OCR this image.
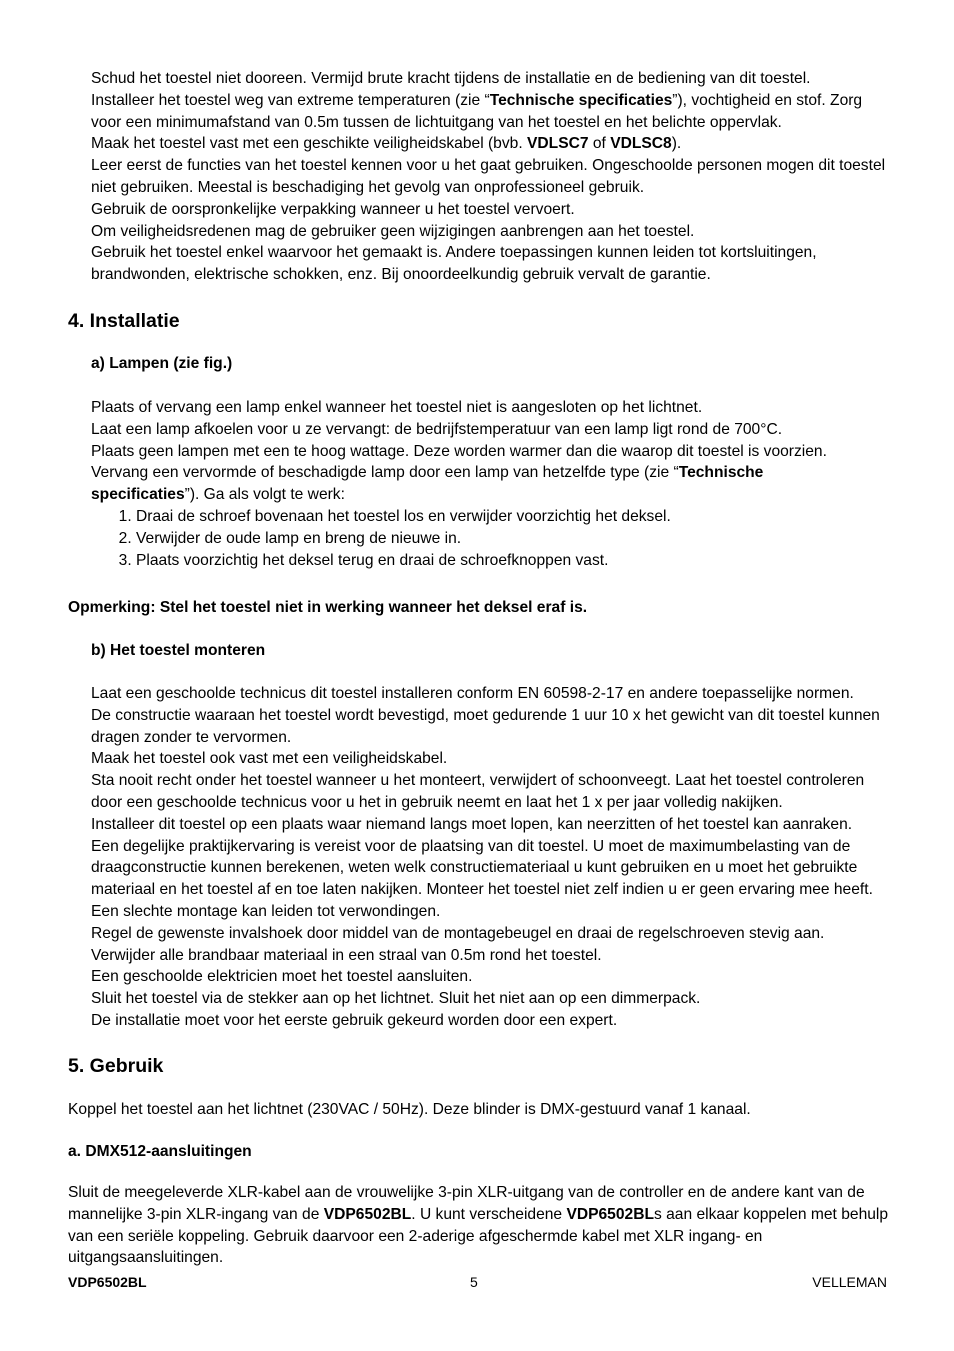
Schud het toestel niet dooreen. Vermijd brute kracht tijdens de installatie en de bediening van dit toestel.

Installeer het toestel weg van extreme temperaturen (zie “Technische specificaties”), vochtigheid en stof. Zorg voor een minimumafstand van 0.5m tussen de lichtuitgang van het toestel en het belichte oppervlak.

Maak het toestel vast met een geschikte veiligheidskabel (bvb. VDLSC7 of VDLSC8).

Leer eerst de functies van het toestel kennen voor u het gaat gebruiken. Ongeschoolde personen mogen dit toestel niet gebruiken. Meestal is beschadiging het gevolg van onprofessioneel gebruik.

Gebruik de oorspronkelijke verpakking wanneer u het toestel vervoert.

Om veiligheidsredenen mag de gebruiker geen wijzigingen aanbrengen aan het toestel.

Gebruik het toestel enkel waarvoor het gemaakt is. Andere toepassingen kunnen leiden tot kortsluitingen, brandwonden, elektrische schokken, enz. Bij onoordeelkundig gebruik vervalt de garantie.

4. Installatie
a) Lampen (zie fig.)

Plaats of vervang een lamp enkel wanneer het toestel niet is aangesloten op het lichtnet.

Laat een lamp afkoelen voor u ze vervangt: de bedrijfstemperatuur van een lamp ligt rond de 700°C.

Plaats geen lampen met een te hoog wattage. Deze worden warmer dan die waarop dit toestel is voorzien.

Vervang een vervormde of beschadigde lamp door een lamp van hetzelfde type (zie “Technische specificaties”). Ga als volgt te werk:

1. Draai de schroef bovenaan het toestel los en verwijder voorzichtig het deksel.
2. Verwijder de oude lamp en breng de nieuwe in.
3. Plaats voorzichtig het deksel terug en draai de schroefknoppen vast.
Opmerking: Stel het toestel niet in werking wanneer het deksel eraf is.
b) Het toestel monteren

Laat een geschoolde technicus dit toestel installeren conform EN 60598-2-17 en andere toepasselijke normen.

De constructie waaraan het toestel wordt bevestigd, moet gedurende 1 uur 10 x het gewicht van dit toestel kunnen dragen zonder te vervormen.

Maak het toestel ook vast met een veiligheidskabel.

Sta nooit recht onder het toestel wanneer u het monteert, verwijdert of schoonveegt. Laat het toestel controleren door een geschoolde technicus voor u het in gebruik neemt en laat het 1 x per jaar volledig nakijken.

Installeer dit toestel op een plaats waar niemand langs moet lopen, kan neerzitten of het toestel kan aanraken.

Een degelijke praktijkervaring is vereist voor de plaatsing van dit toestel. U moet de maximumbelasting van de draagconstructie kunnen berekenen, weten welk constructiemateriaal u kunt gebruiken en u moet het gebruikte materiaal en het toestel af en toe laten nakijken. Monteer het toestel niet zelf indien u er geen ervaring mee heeft. Een slechte montage kan leiden tot verwondingen.

Regel de gewenste invalshoek door middel van de montagebeugel en draai de regelschroeven stevig aan.

Verwijder alle brandbaar materiaal in een straal van 0.5m rond het toestel.

Een geschoolde elektricien moet het toestel aansluiten.

Sluit het toestel via de stekker aan op het lichtnet. Sluit het niet aan op een dimmerpack.

De installatie moet voor het eerste gebruik gekeurd worden door een expert.

5. Gebruik
Koppel het toestel aan het lichtnet (230VAC / 50Hz). Deze blinder is DMX-gestuurd vanaf 1 kanaal.
a. DMX512-aansluitingen

Sluit de meegeleverde XLR-kabel aan de vrouwelijke 3-pin XLR-uitgang van de controller en de andere kant van de mannelijke 3-pin XLR-ingang van de VDP6502BL. U kunt verscheidene VDP6502BLs aan elkaar koppelen met behulp van een seriële koppeling. Gebruik daarvoor een 2-aderige afgeschermde kabel met XLR ingang- en uitgangsaansluitingen.

VDP6502BL	5	VELLEMAN
